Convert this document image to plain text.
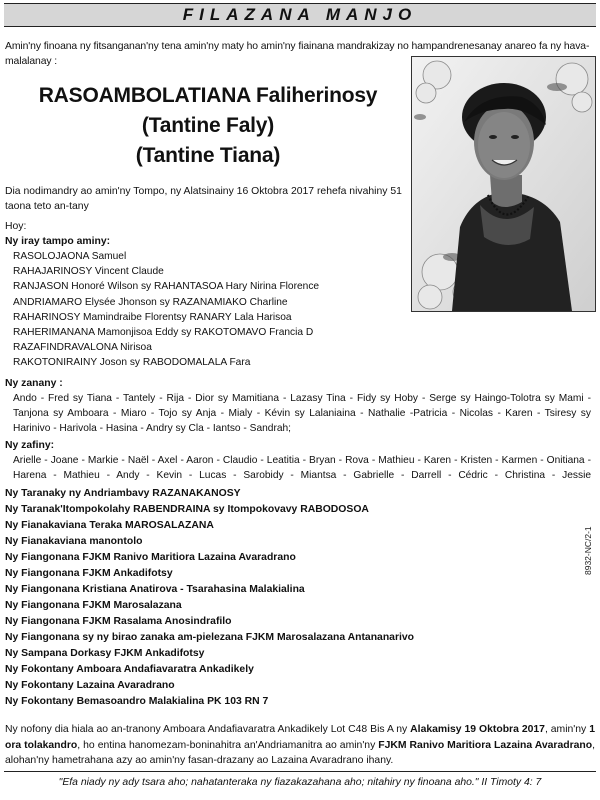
FILAZANA MANJO
Amin'ny finoana ny fitsanganan'ny tena amin'ny maty ho amin'ny fiainana mandrakizay no hampandrenesanay anareo fa ny hava-malalanay :
RASOAMBOLATIANA Faliherinosy
(Tantine Faly)
(Tantine Tiana)
Dia nodimandry ao amin'ny Tompo, ny Alatsinainy 16 Oktobra 2017 rehefa nivahiny 51 taona teto an-tany
Hoy:
Ny iray tampo aminy:
RASOLOJAONA Samuel
RAHAJARINOSY Vincent Claude
RANJASON Honoré Wilson sy RAHANTASOA Hary Nirina Florence
ANDRIAMARO Elysée Jhonson sy RAZANAMIAKO Charline
RAHARINOSY Mamindraibe Florentsy RANARY Lala Harisoa
RAHERIMANANA Mamonjisoa Eddy sy RAKOTOMAVO Francia D
RAZAFINDRAVALONA Nirisoa
RAKOTONIRAINY Joson sy RABODOMALALA Fara
Ny zanany :
Ando - Fred sy Tiana - Tantely - Rija - Dior sy Mamitiana - Lazasy Tina - Fidy sy Hoby - Serge sy Haingo-Tolotra sy Mami - Tanjona sy Amboara - Miaro - Tojo sy Anja - Mialy - Kévin sy Lalaniaina - Nathalie -Patricia - Nicolas - Karen - Tsiresy sy Harinivo - Harivola - Hasina - Andry sy Cla - Iantso - Sandrah;
Ny zafiny:
Arielle - Joane - Markie - Naël - Axel - Aaron - Claudio - Leatitia - Bryan - Rova - Mathieu - Karen - Kristen - Karmen - Onitiana - Harena - Mathieu - Andy - Kevin - Lucas - Sarobidy - Miantsa - Gabrielle - Darrell - Cédric - Christina - Jessie
Ny Taranaky ny Andriambavy RAZANAKANOSY
Ny Taranak'Itompokolahy RABENDRAINA sy Itompokovavy RABODOSOA
Ny Fianakaviana Teraka MAROSALAZANA
Ny Fianakaviana manontolo
Ny Fiangonana FJKM Ranivo Maritiora Lazaina Avaradrano
Ny Fiangonana FJKM Ankadifotsy
Ny Fiangonana Kristiana Anatirova - Tsarahasina Malakialina
Ny Fiangonana FJKM Marosalazana
Ny Fiangonana FJKM Rasalama Anosindrafilo
Ny Fiangonana sy ny birao zanaka am-pielezana FJKM Marosalazana Antananarivo
Ny Sampana Dorkasy FJKM Ankadifotsy
Ny Fokontany Amboara Andafiavaratra Ankadikely
Ny Fokontany Lazaina Avaradrano
Ny Fokontany Bemasoandro Malakialina PK 103 RN 7
8932-NC/2-1
Ny nofony dia hiala ao an-tranony Amboara Andafiavaratra Ankadikely Lot C48 Bis A ny Alakamisy 19 Oktobra 2017, amin'ny 1 ora tolakandro, ho entina hanomezam-boninahitra an'Andriamanitra ao amin'ny FJKM Ranivo Maritiora Lazaina Avaradrano, alohan'ny hametrahana azy ao amin'ny fasan-drazany ao Lazaina Avaradrano ihany.
"Efa niady ny ady tsara aho; nahatanteraka ny fiazakazahana aho; nitahiry ny finoana aho." II Timoty 4: 7
